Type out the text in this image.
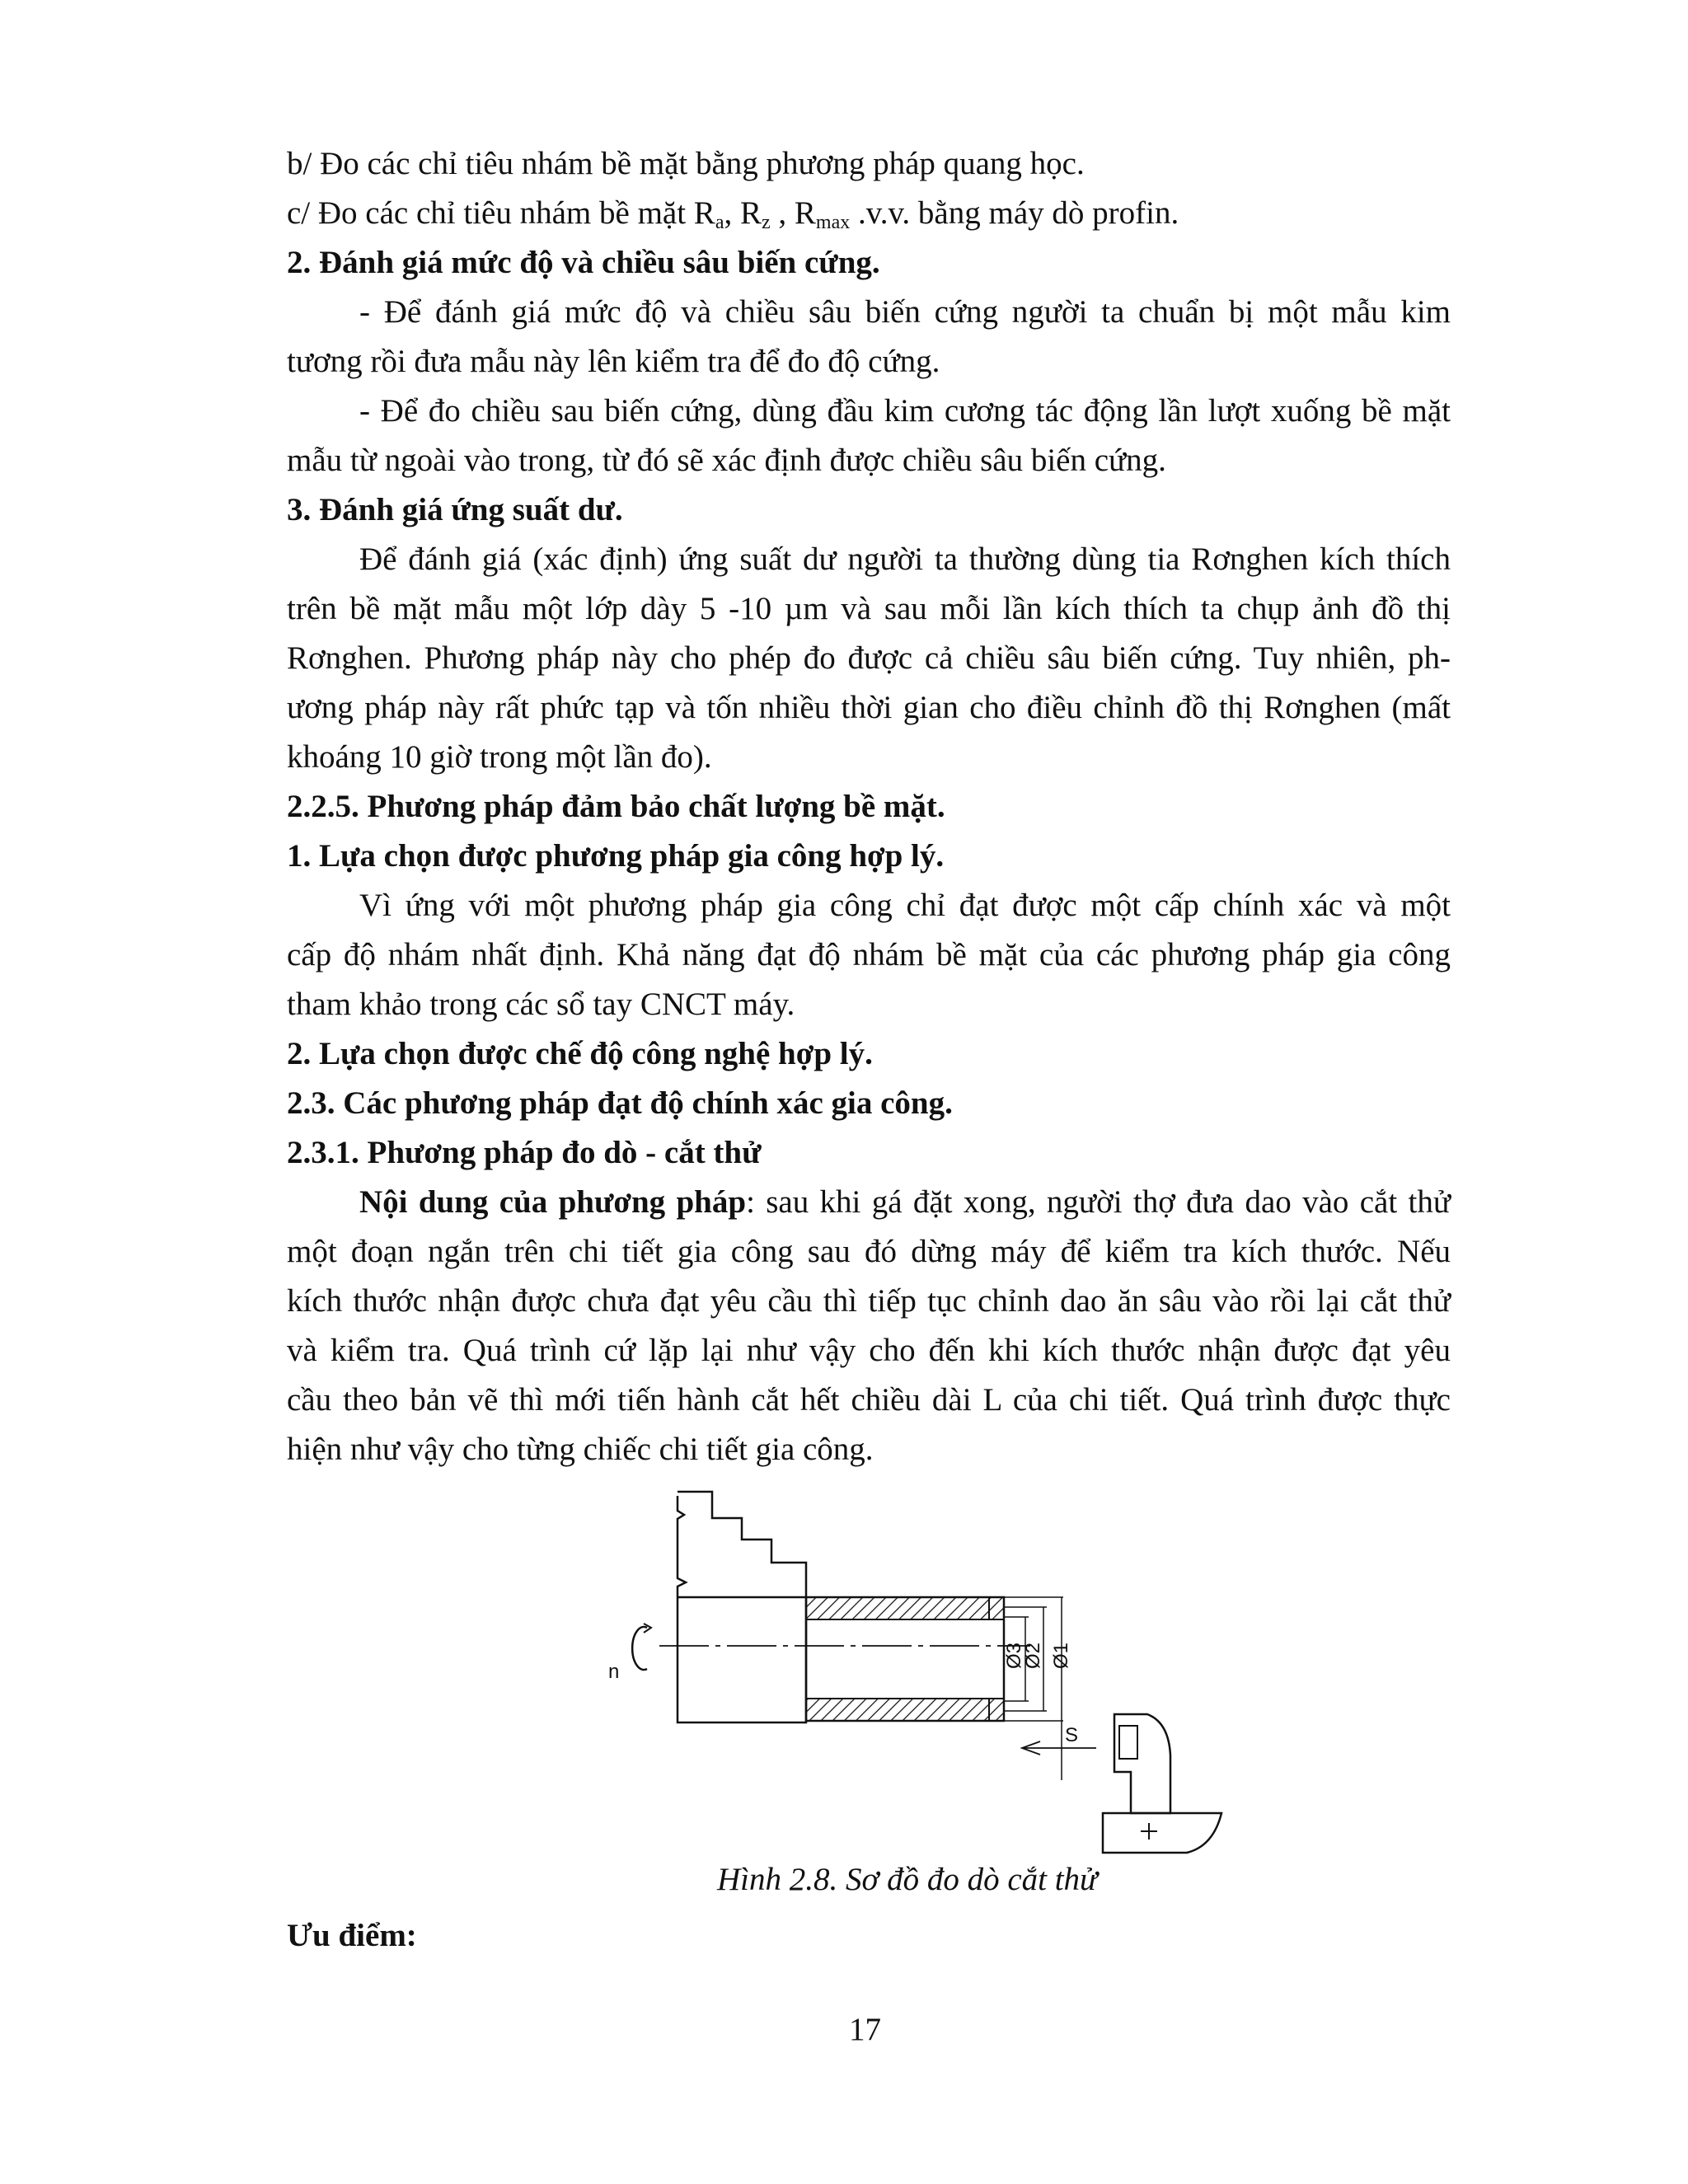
b/ Đo các chỉ tiêu nhám bề mặt bằng phương pháp quang học.
c/ Đo các chỉ tiêu nhám bề mặt $R_a$, $R_z$ , $R_{max}$ .v.v. bằng máy dò profin.
2. Đánh giá mức độ và chiều sâu biến cứng.
- Để đánh giá mức độ và chiều sâu biến cứng người ta chuẩn bị một mẫu kim
tương rồi đưa mẫu này lên kiểm tra để đo độ cứng.
- Để đo chiều sau biến cứng, dùng đầu kim cương tác động lần lượt xuống bề mặt
mẫu từ ngoài vào trong, từ đó sẽ xác định được chiều sâu biến cứng.
3. Đánh giá ứng suất dư.
Để đánh giá (xác định) ứng suất dư người ta thường dùng tia Rơnghen kích thích
trên bề mặt mẫu một lớp dày 5 -10 µm và sau mỗi lần kích thích ta chụp ảnh đồ thị
Rơnghen. Phương pháp này cho phép đo được cả chiều sâu biến cứng. Tuy nhiên, ph-
ương pháp này rất phức tạp và tốn nhiều thời gian cho điều chỉnh đồ thị Rơnghen (mất
khoáng 10 giờ trong một lần đo).
2.2.5. Phương pháp đảm bảo chất lượng bề mặt.
1. Lựa chọn được phương pháp gia công hợp lý.
Vì ứng với một phương pháp gia công chỉ đạt được một cấp chính xác và một
cấp độ nhám nhất định. Khả năng đạt độ nhám bề mặt của các phương pháp gia công
tham khảo trong các sổ tay CNCT máy.
2. Lựa chọn được chế độ công nghệ hợp lý.
2.3. Các phương pháp đạt độ chính xác gia công.
2.3.1. Phương pháp đo dò - cắt thử
Nội dung của phương pháp: sau khi gá đặt xong, người thợ đưa dao vào cắt thử
một đoạn ngắn trên chi tiết gia công sau đó dừng máy để kiểm tra kích thước. Nếu
kích thước nhận được chưa đạt yêu cầu thì tiếp tục chỉnh dao ăn sâu vào rồi lại cắt thử
và kiểm tra. Quá trình cứ lặp lại như vậy cho đến khi kích thước nhận được đạt yêu
cầu theo bản vẽ thì mới tiến hành cắt hết chiều dài L của chi tiết. Quá trình được thực
hiện như vậy cho từng chiếc chi tiết gia công.
Ưu điểm:
n
Ø3
Ø2 Ø1
S
Hình 2.8. Sơ đồ đo dò cắt thử
17
